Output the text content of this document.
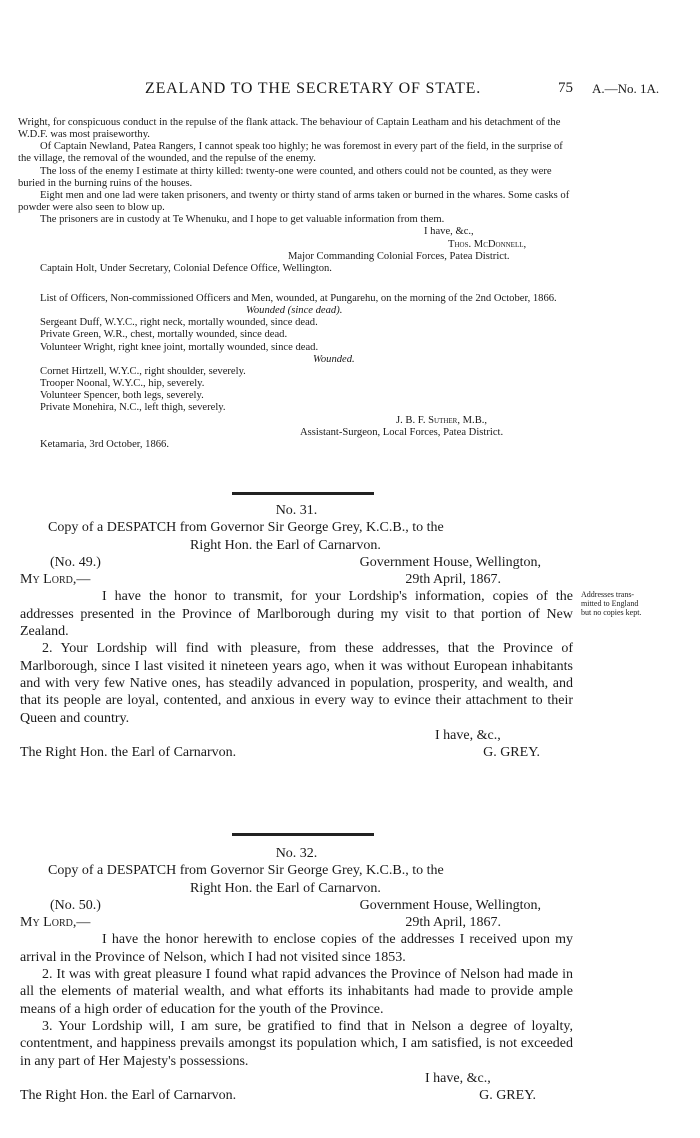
ZEALAND TO THE SECRETARY OF STATE.	75 A.—No. 1A.

Wright, for conspicuous conduct in the repulse of the flank attack. The behaviour of Captain Leatham and his detachment of the W.D.F. was most praiseworthy.

Of Captain Newland, Patea Rangers, I cannot speak too highly; he was foremost in every part of the field, in the surprise of the village, the removal of the wounded, and the repulse of the enemy.

The loss of the enemy I estimate at thirty killed: twenty-one were counted, and others could not be counted, as they were buried in the burning ruins of the houses.

Eight men and one lad were taken prisoners, and twenty or thirty stand of arms taken or burned in the whares. Some casks of powder were also seen to blow up.

The prisoners are in custody at Te Whenuku, and I hope to get valuable information from them.

I have, &c.,

Thos. McDonnell,

Major Commanding Colonial Forces, Patea District.

Captain Holt, Under Secretary, Colonial Defence Office, Wellington.

List of Officers, Non-commissioned Officers and Men, wounded, at Pungarehu, on the morning of the 2nd October, 1866.

Wounded (since dead).

Sergeant Duff, W.Y.C., right neck, mortally wounded, since dead.

Private Green, W.R., chest, mortally wounded, since dead.

Volunteer Wright, right knee joint, mortally wounded, since dead.

Wounded.

Cornet Hirtzell, W.Y.C., right shoulder, severely.

Trooper Noonal, W.Y.C., hip, severely.

Volunteer Spencer, both legs, severely.

Private Monehira, N.C., left thigh, severely.

J. B. F. Suther, M.B.,

Assistant-Surgeon, Local Forces, Patea District.

Ketamaria, 3rd October, 1866.

No. 31.

Copy of a DESPATCH from Governor Sir George Grey, K.C.B., to the

Right Hon. the Earl of Carnarvon.

(No. 49.)	Government House, Wellington,
My Lord,—	29th April, 1867.

I have the honor to transmit, for your Lordship's information, copies of the addresses presented in the Province of Marlborough during my visit to that portion of New Zealand.

2. Your Lordship will find with pleasure, from these addresses, that the Province of Marlborough, since I last visited it nineteen years ago, when it was without European inhabitants and with very few Native ones, has steadily advanced in population, prosperity, and wealth, and that its people are loyal, contented, and anxious in every way to evince their attachment to their Queen and country.

I have, &c.,

The Right Hon. the Earl of Carnarvon.	G. GREY.
Addresses trans-
mitted to England
but no copies kept.

No. 32.

Copy of a DESPATCH from Governor Sir George Grey, K.C.B., to the

Right Hon. the Earl of Carnarvon.

(No. 50.)	Government House, Wellington,
My Lord,—	29th April, 1867.

I have the honor herewith to enclose copies of the addresses I received upon my arrival in the Province of Nelson, which I had not visited since 1853.

2. It was with great pleasure I found what rapid advances the Province of Nelson had made in all the elements of material wealth, and what efforts its inhabitants had made to provide ample means of a high order of education for the youth of the Province.

3. Your Lordship will, I am sure, be gratified to find that in Nelson a degree of loyalty, contentment, and happiness prevails amongst its population which, I am satisfied, is not exceeded in any part of Her Majesty's possessions.

I have, &c.,

The Right Hon. the Earl of Carnarvon.	G. GREY.
